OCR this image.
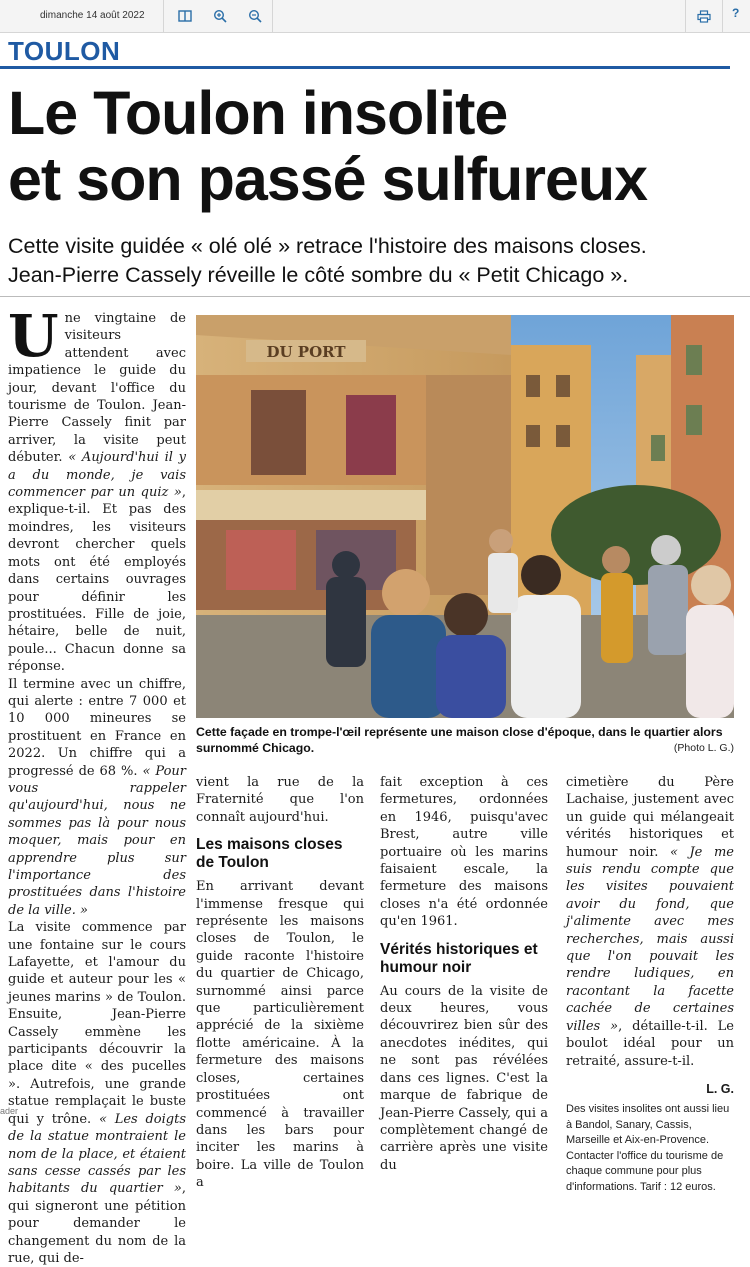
dimanche 14 août 2022	?
TOULON
Le Toulon insolite
et son passé sulfureux
Cette visite guidée « olé olé » retrace l'histoire des maisons closes.
Jean-Pierre Cassely réveille le côté sombre du « Petit Chicago ».
U ne vingtaine de visiteurs attendent avec impatience le guide du jour, devant l'office du tourisme de Toulon. Jean-Pierre Cassely finit par arriver, la visite peut débuter. « Aujourd'hui il y a du monde, je vais commencer par un quiz », explique-t-il. Et pas des moindres, les visiteurs devront chercher quels mots ont été employés dans certains ouvrages pour définir les prostituées. Fille de joie, hétaire, belle de nuit, poule... Chacun donne sa réponse.

Il termine avec un chiffre, qui alerte : entre 7 000 et 10 000 mineures se prostituent en France en 2022. Un chiffre qui a progressé de 68 %. « Pour vous rappeler qu'aujourd'hui, nous ne sommes pas là pour nous moquer, mais pour en apprendre plus sur l'importance des prostituées dans l'histoire de la ville. »

La visite commence par une fontaine sur le cours Lafayette, et l'amour du guide et auteur pour les « jeunes marins » de Toulon. Ensuite, Jean-Pierre Cassely emmène les participants découvrir la place dite « des pucelles ». Autrefois, une grande statue remplaçait le buste qui y trône. « Les doigts de la statue montraient le nom de la place, et étaient sans cesse cassés par les habitants du quartier », qui signeront une pétition pour demander le changement du nom de la rue, qui de-

DU PORT
Cette façade en trompe-l'œil représente une maison close d'époque, dans le quartier alors surnommé Chicago.	(Photo L. G.)

vient la rue de la Fraternité que l'on connaît aujourd'hui.

Les maisons closes de Toulon

En arrivant devant l'immense fresque qui représente les maisons closes de Toulon, le guide raconte l'histoire du quartier de Chicago, surnommé ainsi parce que particulièrement apprécié de la sixième flotte américaine. À la fermeture des maisons closes, certaines prostituées ont commencé à travailler dans les bars pour inciter les marins à boire. La ville de Toulon a

fait exception à ces fermetures, ordonnées en 1946, puisqu'avec Brest, autre ville portuaire où les marins faisaient escale, la fermeture des maisons closes n'a été ordonnée qu'en 1961.

Vérités historiques et humour noir

Au cours de la visite de deux heures, vous découvrirez bien sûr des anecdotes inédites, qui ne sont pas révélées dans ces lignes. C'est la marque de fabrique de Jean-Pierre Cassely, qui a complètement changé de carrière après une visite du

cimetière du Père Lachaise, justement avec un guide qui mélangeait vérités historiques et humour noir. « Je me suis rendu compte que les visites pouvaient avoir du fond, que j'alimente avec mes recherches, mais aussi que l'on pouvait les rendre ludiques, en racontant la facette cachée de certaines villes », détaille-t-il. Le boulot idéal pour un retraité, assure-t-il.

L. G.

Des visites insolites ont aussi lieu à Bandol, Sanary, Cassis, Marseille et Aix-en-Provence. Contacter l'office du tourisme de chaque commune pour plus d'informations. Tarif : 12 euros.

ader
